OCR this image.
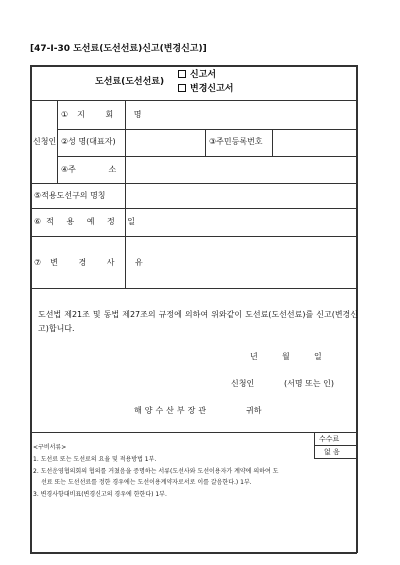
[47-I-30 도선료(도선선료)신고(변경신고)]
도선료(도선선료)
신고서
변경신고서
신청인
①지 회 명
②성 명(대표자)	③주민등록번호
④주 소
⑤적용도선구의 명칭
⑥적 용 예 정 일
⑦변 경 사 유
도선법 제21조 및 동법 제27조의 규정에 의하여 위와같이 도선료(도선선료)를 신고(변경신고)합니다.
년	월	일
신청인	(서명 또는 인)
해양수산부장관	귀하
<구비서류>
1. 도선료 또는 도선료의 요율 및 적용방법 1부.
2. 도선운영협의회의 협의를 거쳤음을 증명하는 서류(도선사와 도선이용자가 계약에 의하여 도
선료 또는 도선선료를 정한 경우에는 도선이용계약자로서로 이를 갈음한다.) 1부.
3. 변경사항대비표(변경신고의 경우에 한한다) 1부.
수수료
없 음
